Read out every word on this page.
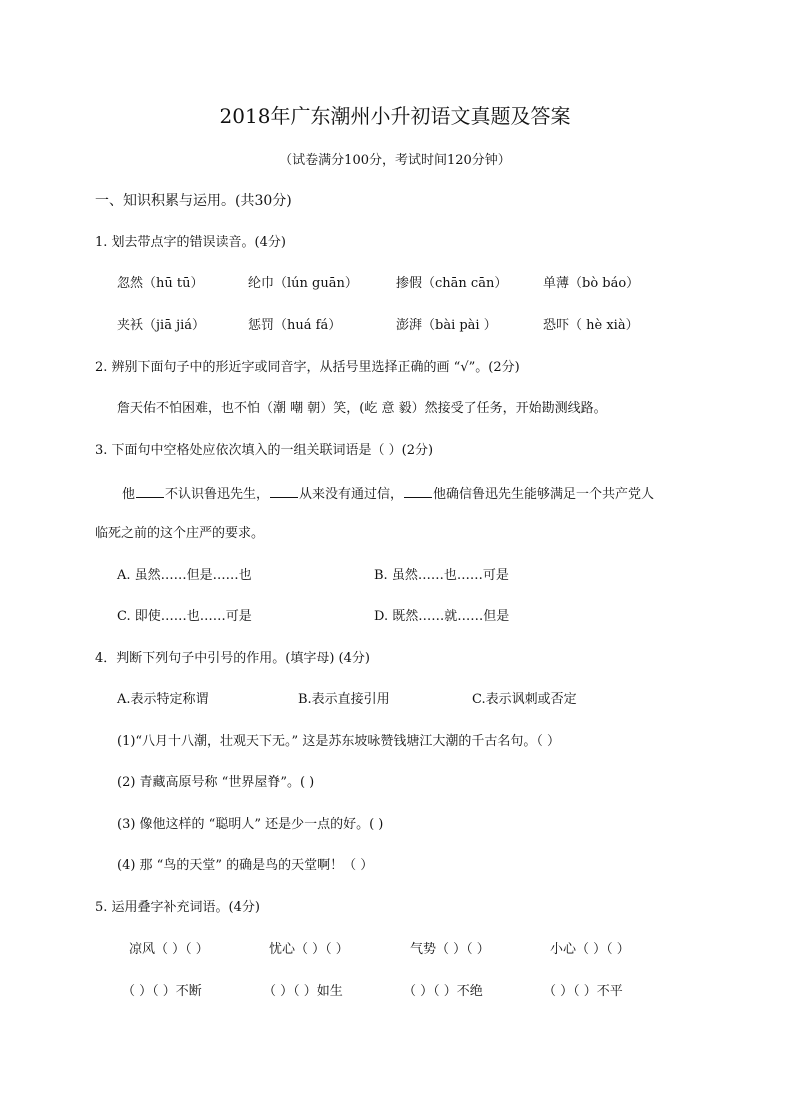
2018年广东潮州小升初语文真题及答案
（试卷满分100分，考试时间120分钟）
一、知识积累与运用。(共30分)
1. 划去带点字的错误读音。(4分)
忽然（hū tū）	纶巾（lún guān）	掺假（chān cān）	单薄（bò báo）
夹袄（jiā jiá）	惩罚（huá fá）	澎湃（bài pài ）	恐吓（ hè xià）
2. 辨别下面句子中的形近字或同音字，从括号里选择正确的画 “√”。(2分)
詹天佑不怕困难，也不怕（潮 嘲 朝）笑，(屹 意 毅）然接受了任务，开始勘测线路。
3. 下面句中空格处应依次填入的一组关联词语是（ ）(2分)
他 不认识鲁迅先生， 从来没有通过信， 他确信鲁迅先生能够满足一个共产党人
临死之前的这个庄严的要求。
A. 虽然……但是……也	B. 虽然……也……可是
C. 即使……也……可是	D. 既然……就……但是
4．判断下列句子中引号的作用。(填字母) (4分)
A.表示特定称谓	B.表示直接引用	C.表示讽刺或否定
(1)“八月十八潮，壮观天下无。” 这是苏东坡咏赞钱塘江大潮的千古名句。（ ）
(2) 青藏高原号称 “世界屋脊”。( )
(3) 像他这样的 “聪明人” 还是少一点的好。( )
(4) 那 “鸟的天堂” 的确是鸟的天堂啊！（ ）
5. 运用叠字补充词语。(4分)
凉风（ ）（ ）	忧心（ ）（ ）	气势（ ）（ ）	小心（ ）（ ）
（ ）（ ）不断	（ ）（ ）如生	（ ）（ ）不绝	（ ）（ ）不平
